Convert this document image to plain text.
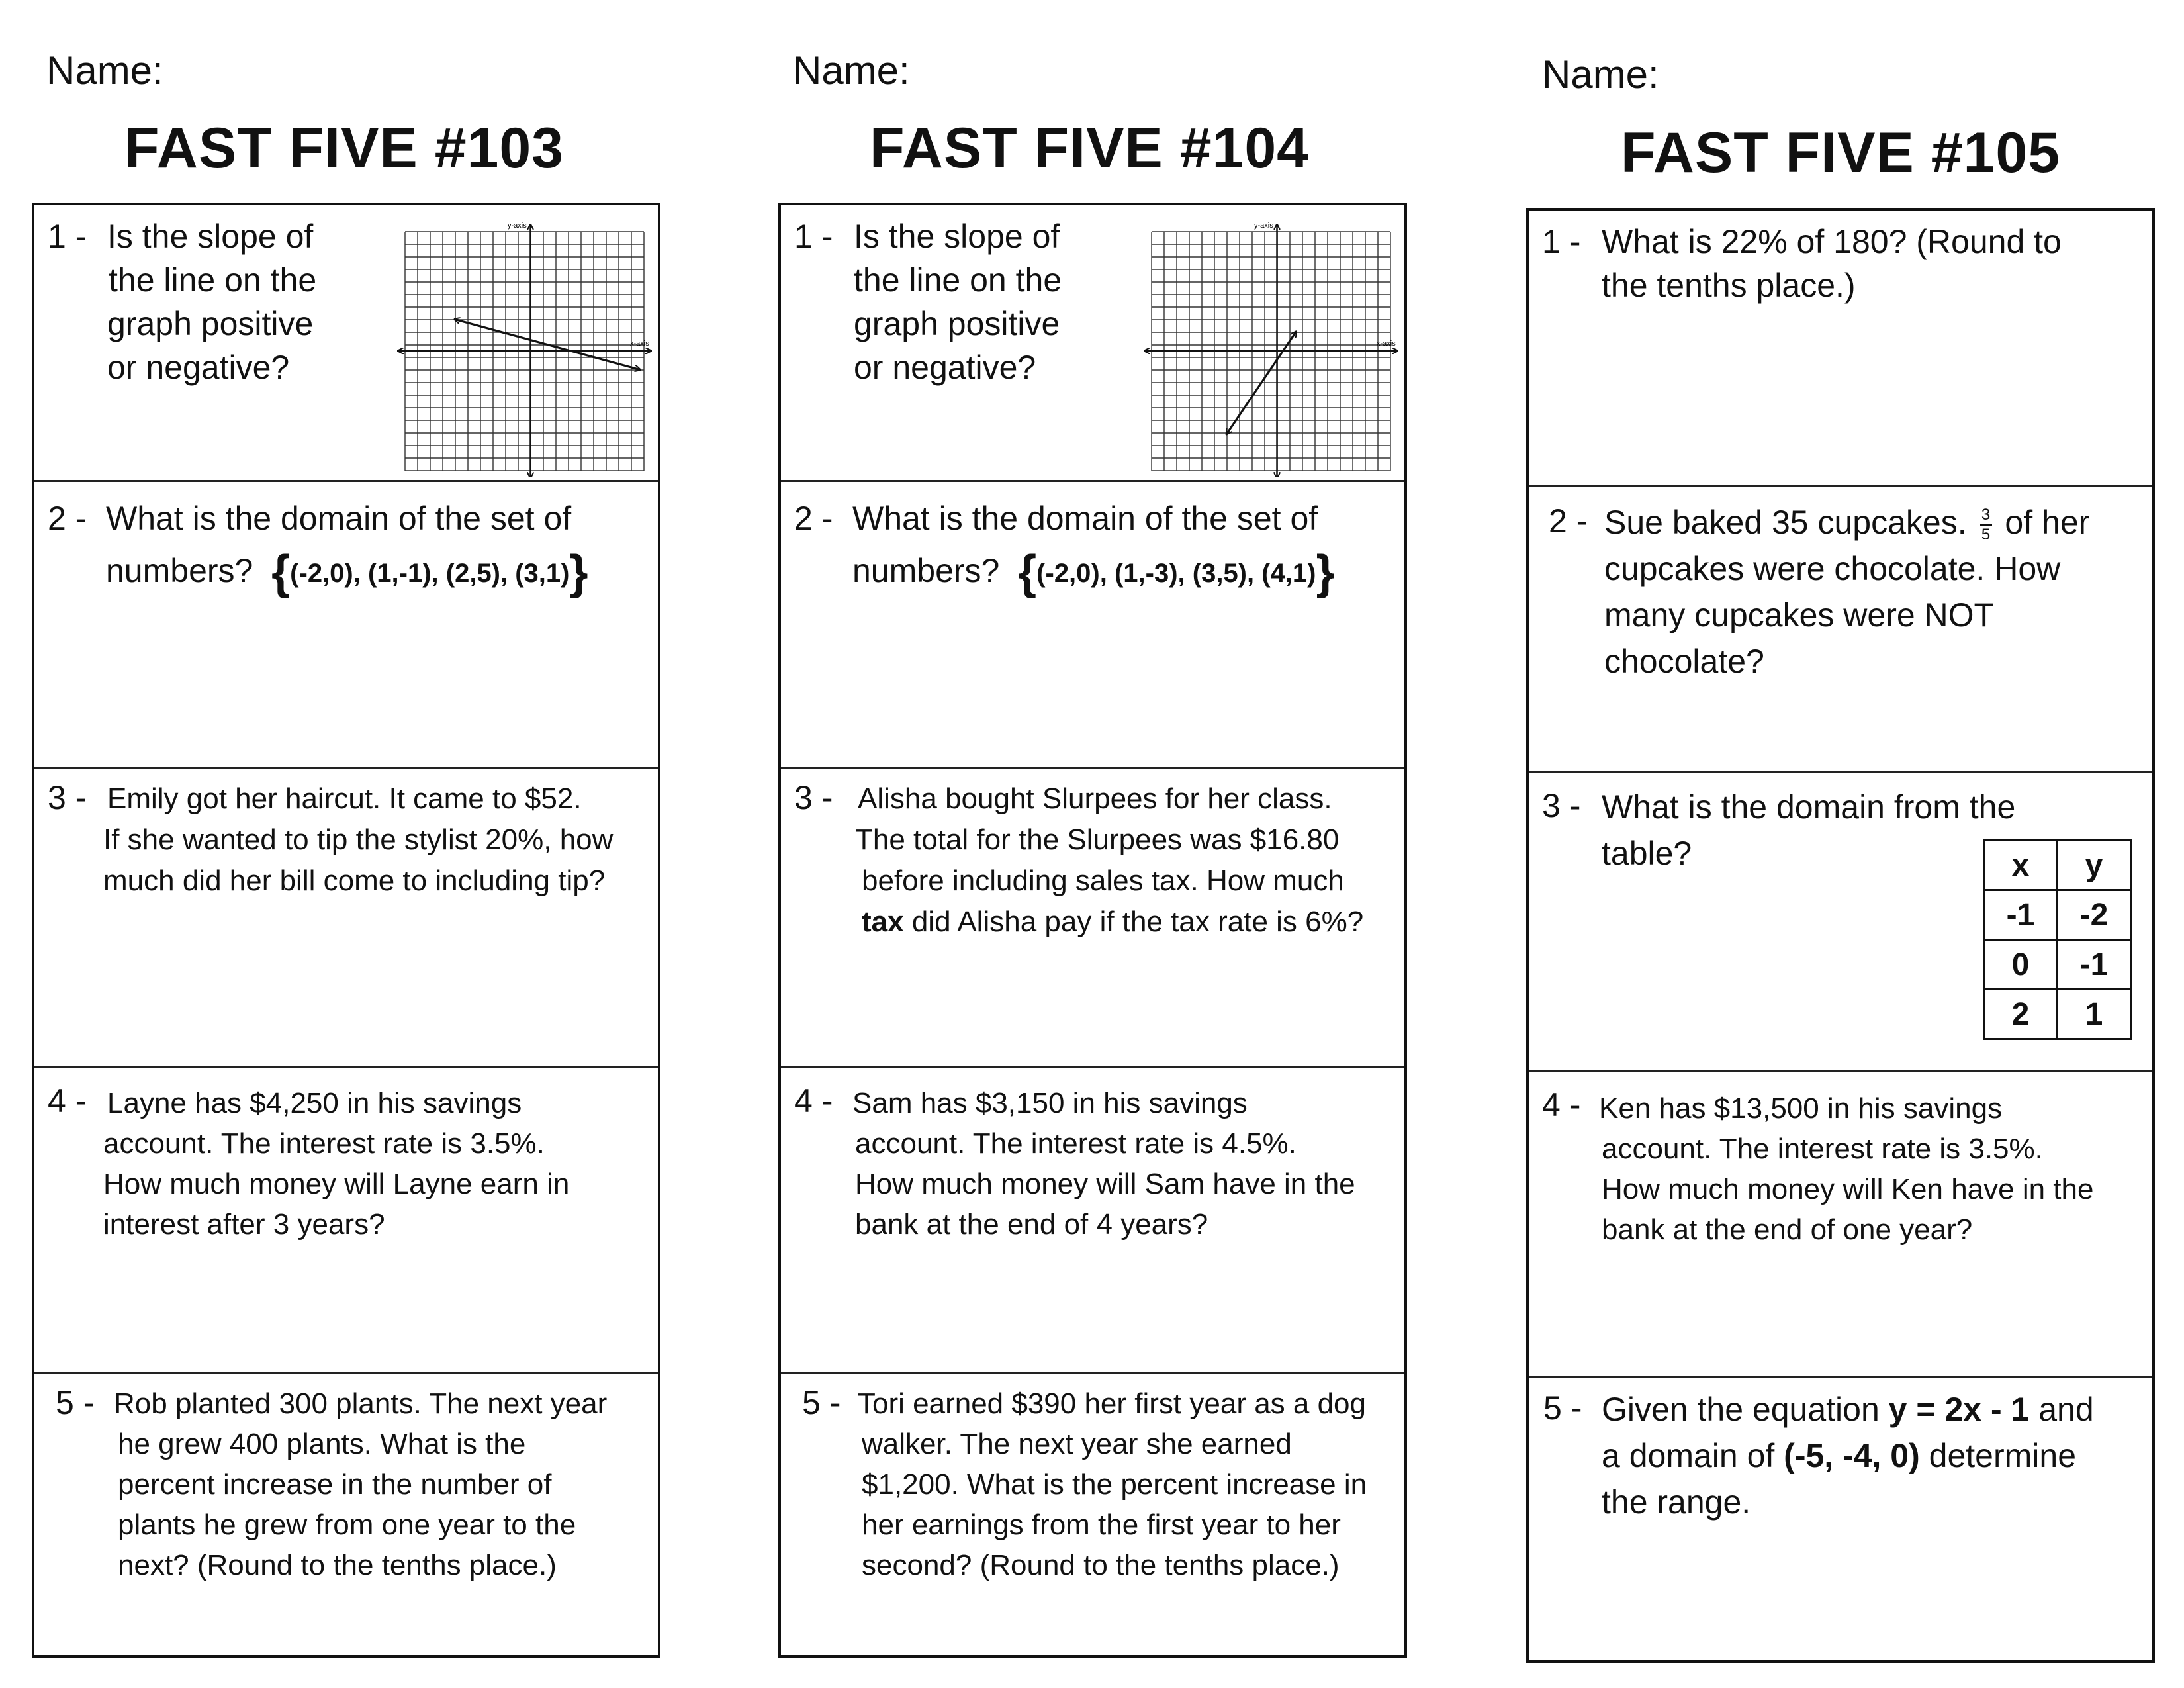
Name:
FAST FIVE #103
1 - Is the slope of
the line on the
graph positive
or negative?
y-axis
x-axis
2 - What is the domain of the set of
numbers? {(-2,0), (1,-1), (2,5), (3,1)}
3 - Emily got her haircut. It came to $52.
If she wanted to tip the stylist 20%, how
much did her bill come to including tip?
4 - Layne has $4,250 in his savings
account. The interest rate is 3.5%.
How much money will Layne earn in
interest after 3 years?
5 - Rob planted 300 plants. The next year
he grew 400 plants. What is the
percent increase in the number of
plants he grew from one year to the
next? (Round to the tenths place.)
Name:
FAST FIVE #104
1 - Is the slope of
the line on the
graph positive
or negative?
y-axis
x-axis
2 - What is the domain of the set of
numbers? {(-2,0), (1,-3), (3,5), (4,1)}
3 - Alisha bought Slurpees for her class.
The total for the Slurpees was $16.80
before including sales tax. How much
tax did Alisha pay if the tax rate is 6%?
4 - Sam has $3,150 in his savings
account. The interest rate is 4.5%.
How much money will Sam have in the
bank at the end of 4 years?
5 - Tori earned $390 her first year as a dog
walker. The next year she earned
$1,200. What is the percent increase in
her earnings from the first year to her
second? (Round to the tenths place.)
Name:
FAST FIVE #105
1 - What is 22% of 180? (Round to
the tenths place.)
2 - Sue baked 35 cupcakes. $\frac{3}{5}$ of her
cupcakes were chocolate. How
many cupcakes were NOT
chocolate?
3 - What is the domain from the
table?	x	y
-1	-2
0	-1
2	1
4 - Ken has $13,500 in his savings
account. The interest rate is 3.5%.
How much money will Ken have in the
bank at the end of one year?
5 - Given the equation y = 2x - 1 and
a domain of (-5, -4, 0) determine
the range.
